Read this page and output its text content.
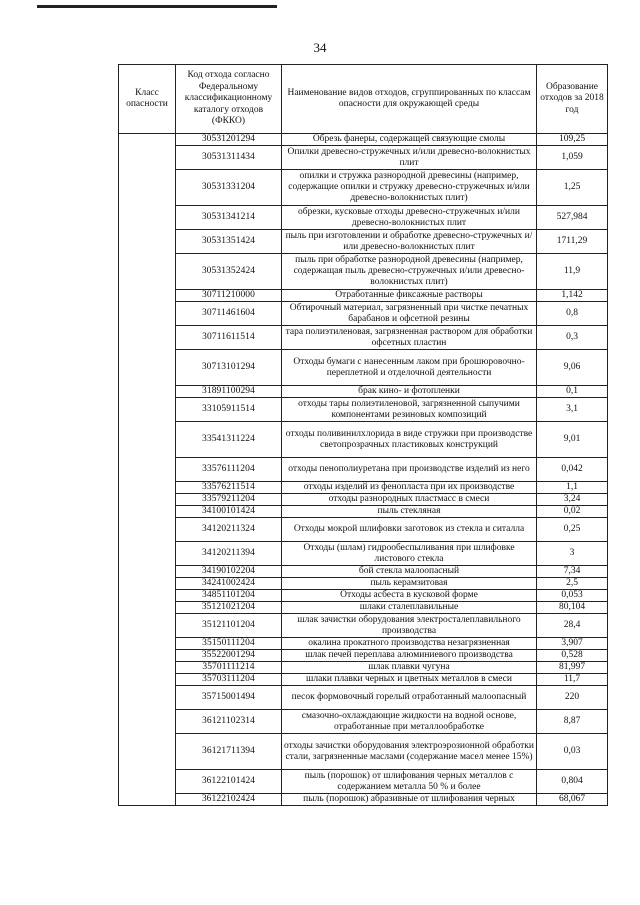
34
Класс опасности	Код отхода согласно Федеральному классификационному каталогу отходов (ФККО)	Наименование видов отходов, сгруппированных по классам опасности для окружающей среды	Образование отходов за 2018 год
	30531201294	Обрезь фанеры, содержащей связующие смолы	109,25
	30531311434	Опилки древесно-стружечных и/или древесно-волокнистых плит	1,059
	30531331204	опилки и стружка разнородной древесины (например, содержащие опилки и стружку древесно-стружечных и/или древесно-волокнистых плит)	1,25
	30531341214	обрезки, кусковые отходы древесно-стружечных и/или древесно-волокнистых плит	527,984
	30531351424	пыль при изготовлении и обработке древесно-стружечных и/или древесно-волокнистых плит	1711,29
	30531352424	пыль при обработке разнородной древесины (например, содержащая пыль древесно-стружечных и/или древесно-волокнистых плит)	11,9
	30711210000	Отработанные фиксажные растворы	1,142
	30711461604	Обтирочный материал, загрязненный при чистке печатных барабанов и офсетной резины	0,8
	30711611514	тара полиэтиленовая, загрязненная раствором для обработки офсетных пластин	0,3
	30713101294	Отходы бумаги с нанесенным лаком при брошюровочно-переплетной и отделочной деятельности	9,06
	31891100294	брак кино- и фотопленки	0,1
	33105911514	отходы тары полиэтиленовой, загрязненной сыпучими компонентами резиновых композиций	3,1
	33541311224	отходы поливинилхлорида в виде стружки при производстве светопрозрачных пластиковых конструкций	9,01
	33576111204	отходы пенополиуретана при производстве изделий из него	0,042
	33576211514	отходы изделий из фенопласта при их производстве	1,1
	33579211204	отходы разнородных пластмасс в смеси	3,24
	34100101424	пыль стекляная	0,02
	34120211324	Отходы мокрой шлифовки заготовок из стекла и ситалла	0,25
	34120211394	Отходы (шлам) гидрообеспыливания при шлифовке листового стекла	3
	34190102204	бой стекла малоопасный	7,34
	34241002424	пыль керамзитовая	2,5
	34851101204	Отходы асбеста в кусковой форме	0,053
	35121021204	шлаки сталеплавильные	80,104
	35121101204	шлак зачистки оборудования электросталеплавильного производства	28,4
	35150111204	окалина прокатного производства незагрязненная	3,907
	35522001294	шлак печей переплава алюминиевого производства	0,528
	35701111214	шлак плавки чугуна	81,997
	35703111204	шлаки плавки черных и цветных металлов в смеси	11,7
	35715001494	песок формовочный горелый отработанный малоопасный	220
	36121102314	смазочно-охлаждающие жидкости на водной основе, отработанные при металлообработке	8,87
	36121711394	отходы зачистки оборудования электроэрозионной обработки стали, загрязненные маслами (содержание масел менее 15%)	0,03
	36122101424	пыль (порошок) от шлифования черных металлов с содержанием металла 50 % и более	0,804
	36122102424	пыль (порошок) абразивные от шлифования черных	68,067
